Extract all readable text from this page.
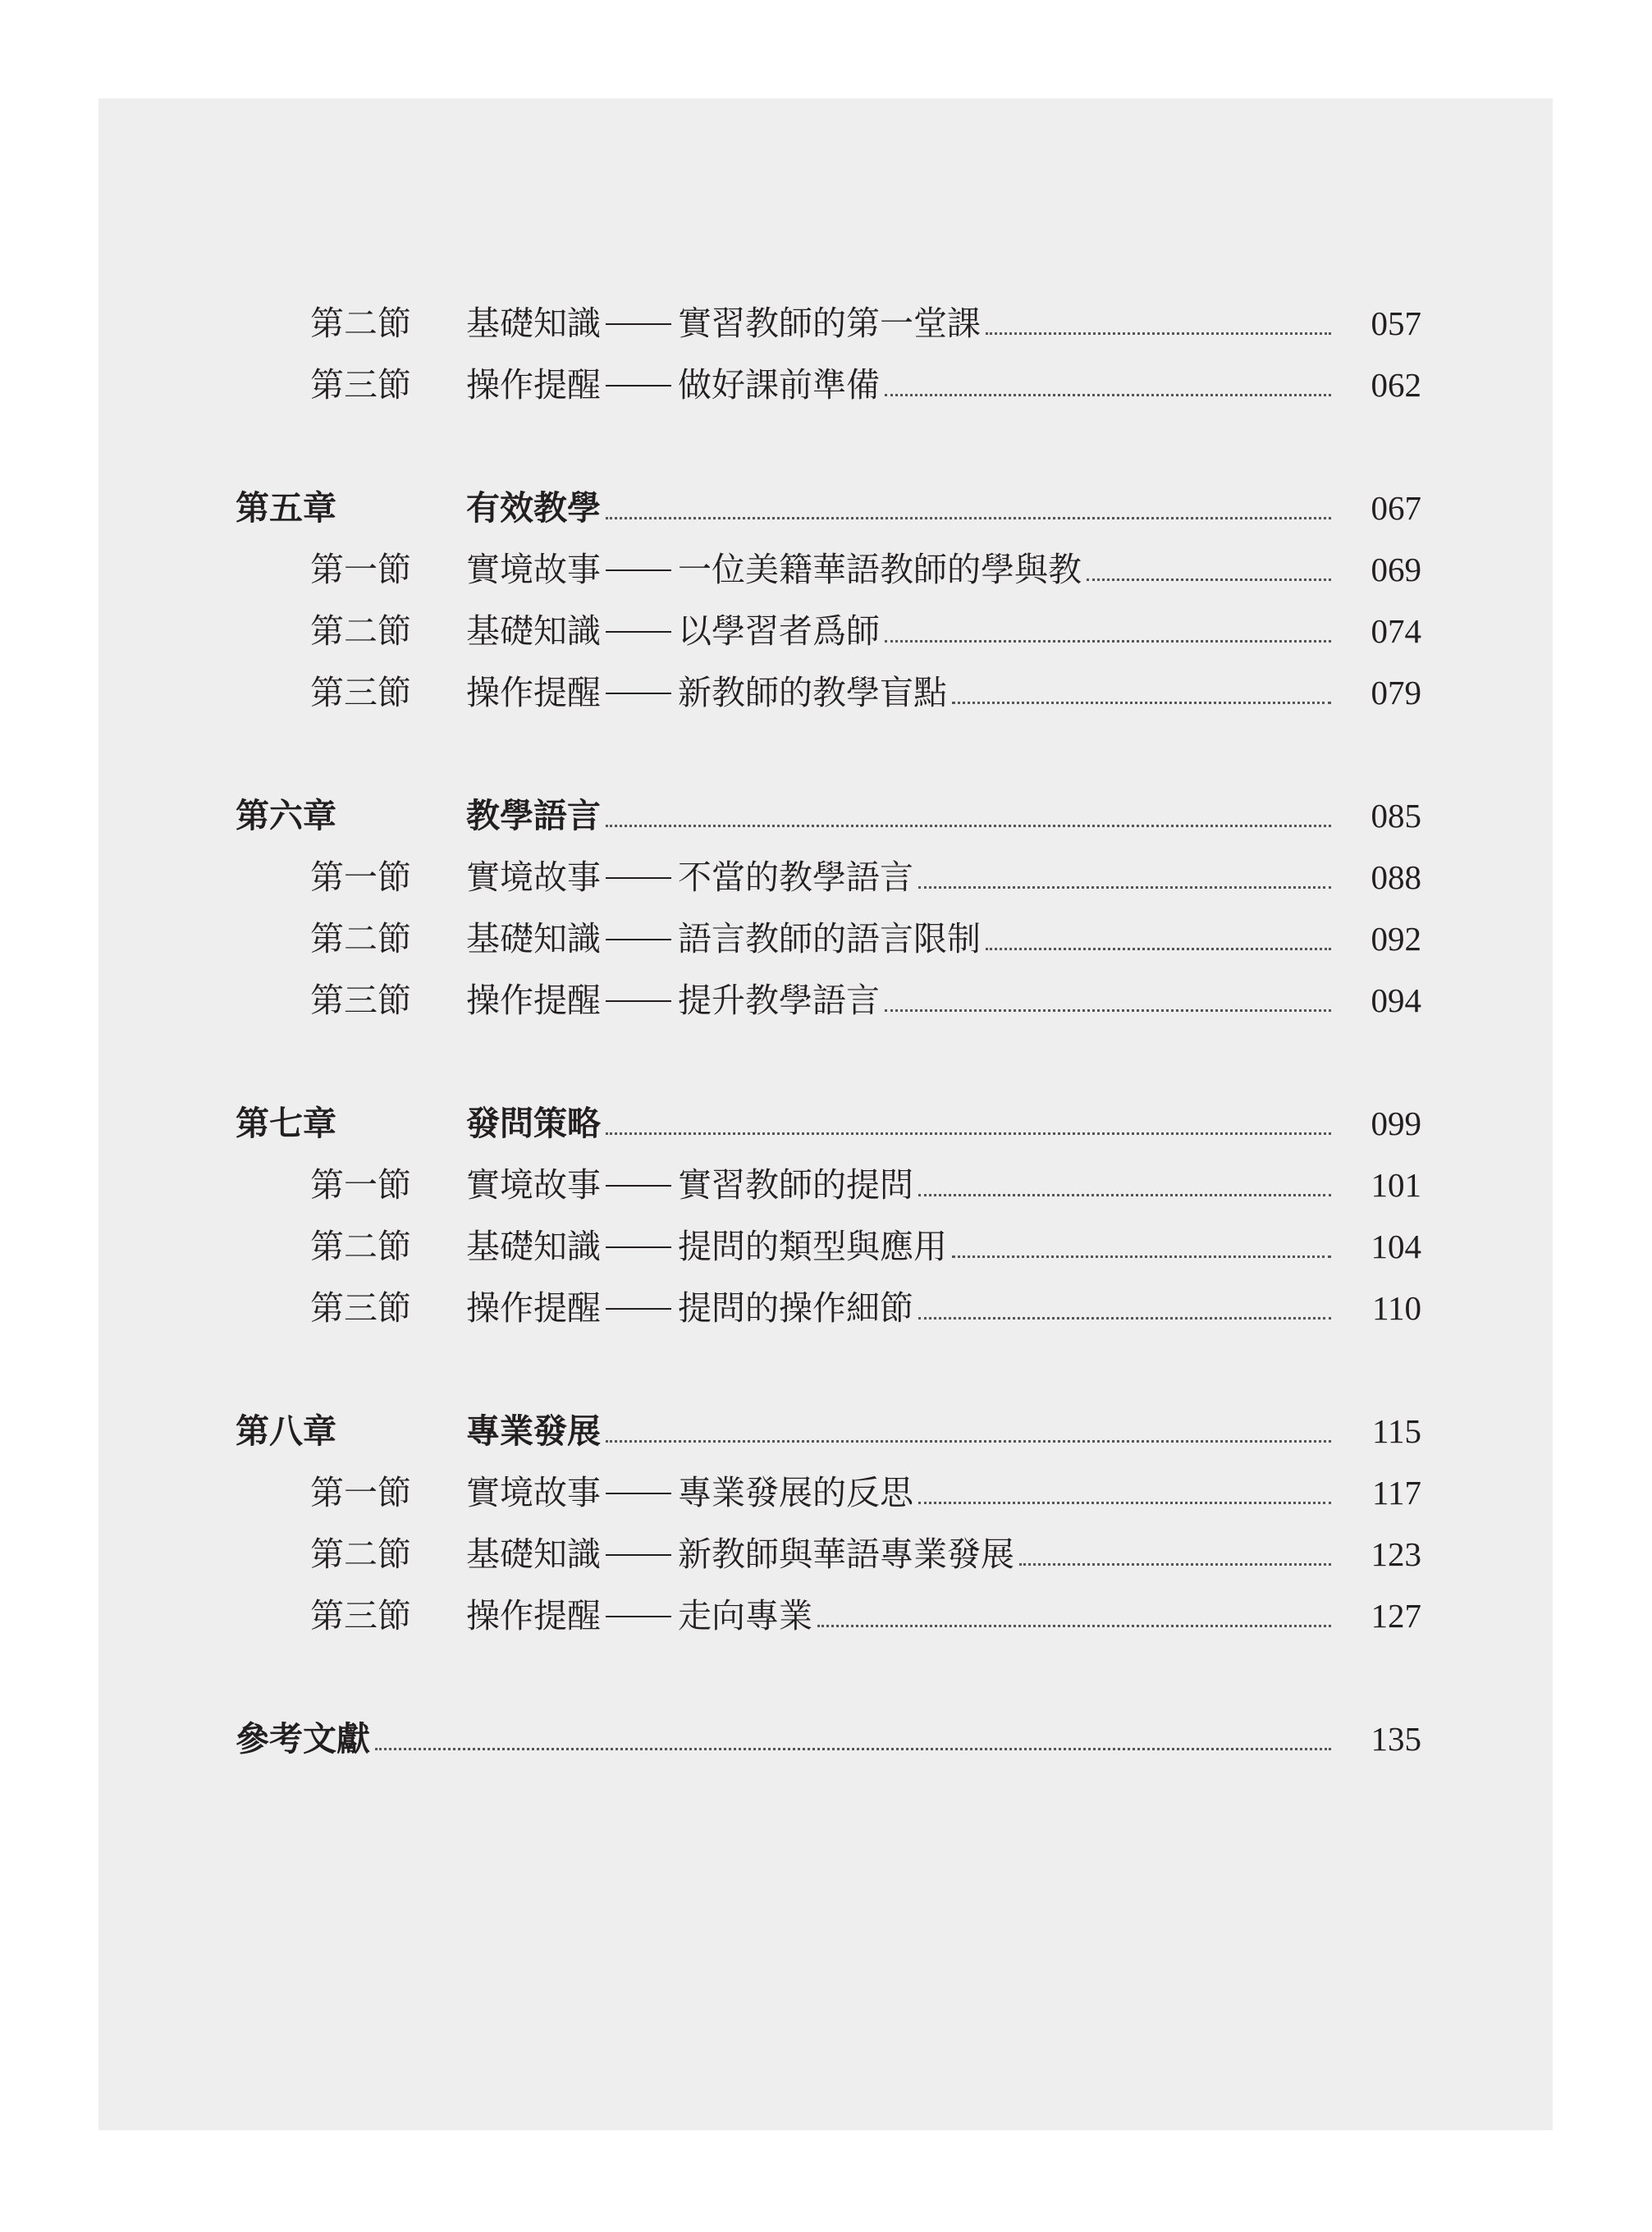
第二節 基礎知識 實習教師的第一堂課	057
第三節 操作提醒 做好課前準備	062
第五章	有效教學	067
第一節 實境故事 一位美籍華語教師的學與教	069
第二節 基礎知識 以學習者爲師	074
第三節 操作提醒 新教師的教學盲點	079
第六章	教學語言	085
第一節 實境故事 不當的教學語言	088
第二節 基礎知識 語言教師的語言限制	092
第三節 操作提醒 提升教學語言	094
第七章	發問策略	099
第一節 實境故事 實習教師的提問	101
第二節 基礎知識 提問的類型與應用	104
第三節 操作提醒 提問的操作細節	110
第八章	專業發展	115
第一節 實境故事 專業發展的反思	117
第二節 基礎知識 新教師與華語專業發展	123
第三節 操作提醒 走向專業	127
參考文獻	135
